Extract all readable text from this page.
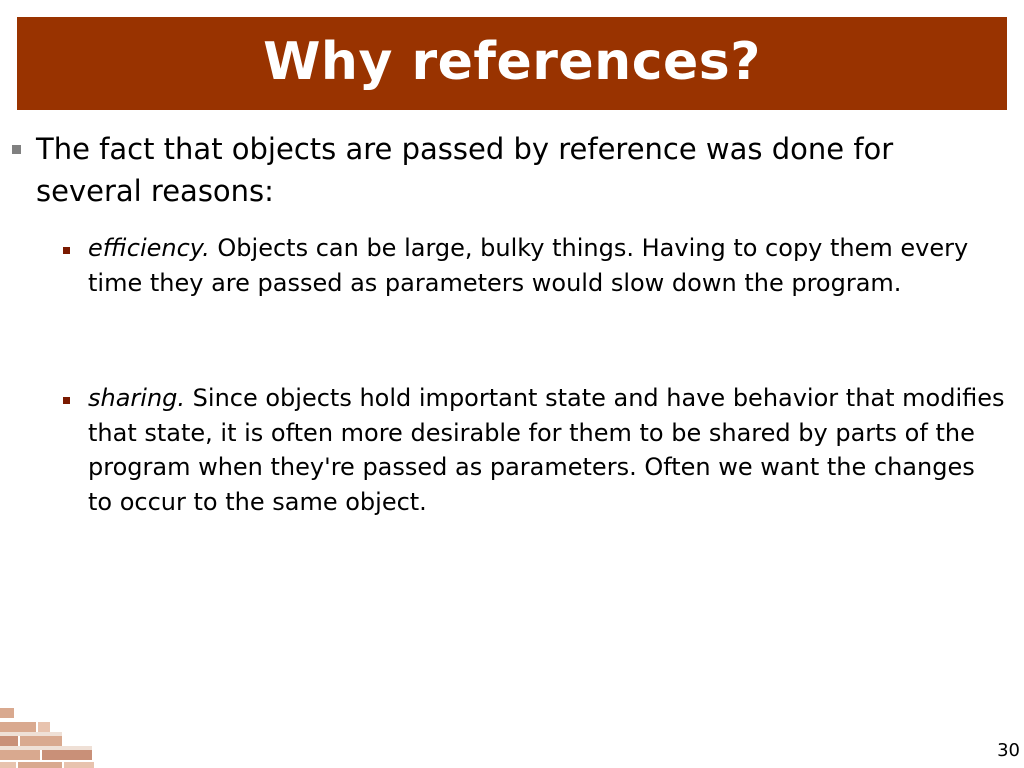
Why references?
The fact that objects are passed by reference was done for several reasons:
efficiency. Objects can be large, bulky things. Having to copy them every time they are passed as parameters would slow down the program.
sharing. Since objects hold important state and have behavior that modifies that state, it is often more desirable for them to be shared by parts of the program when they're passed as parameters. Often we want the changes to occur to the same object.
30
